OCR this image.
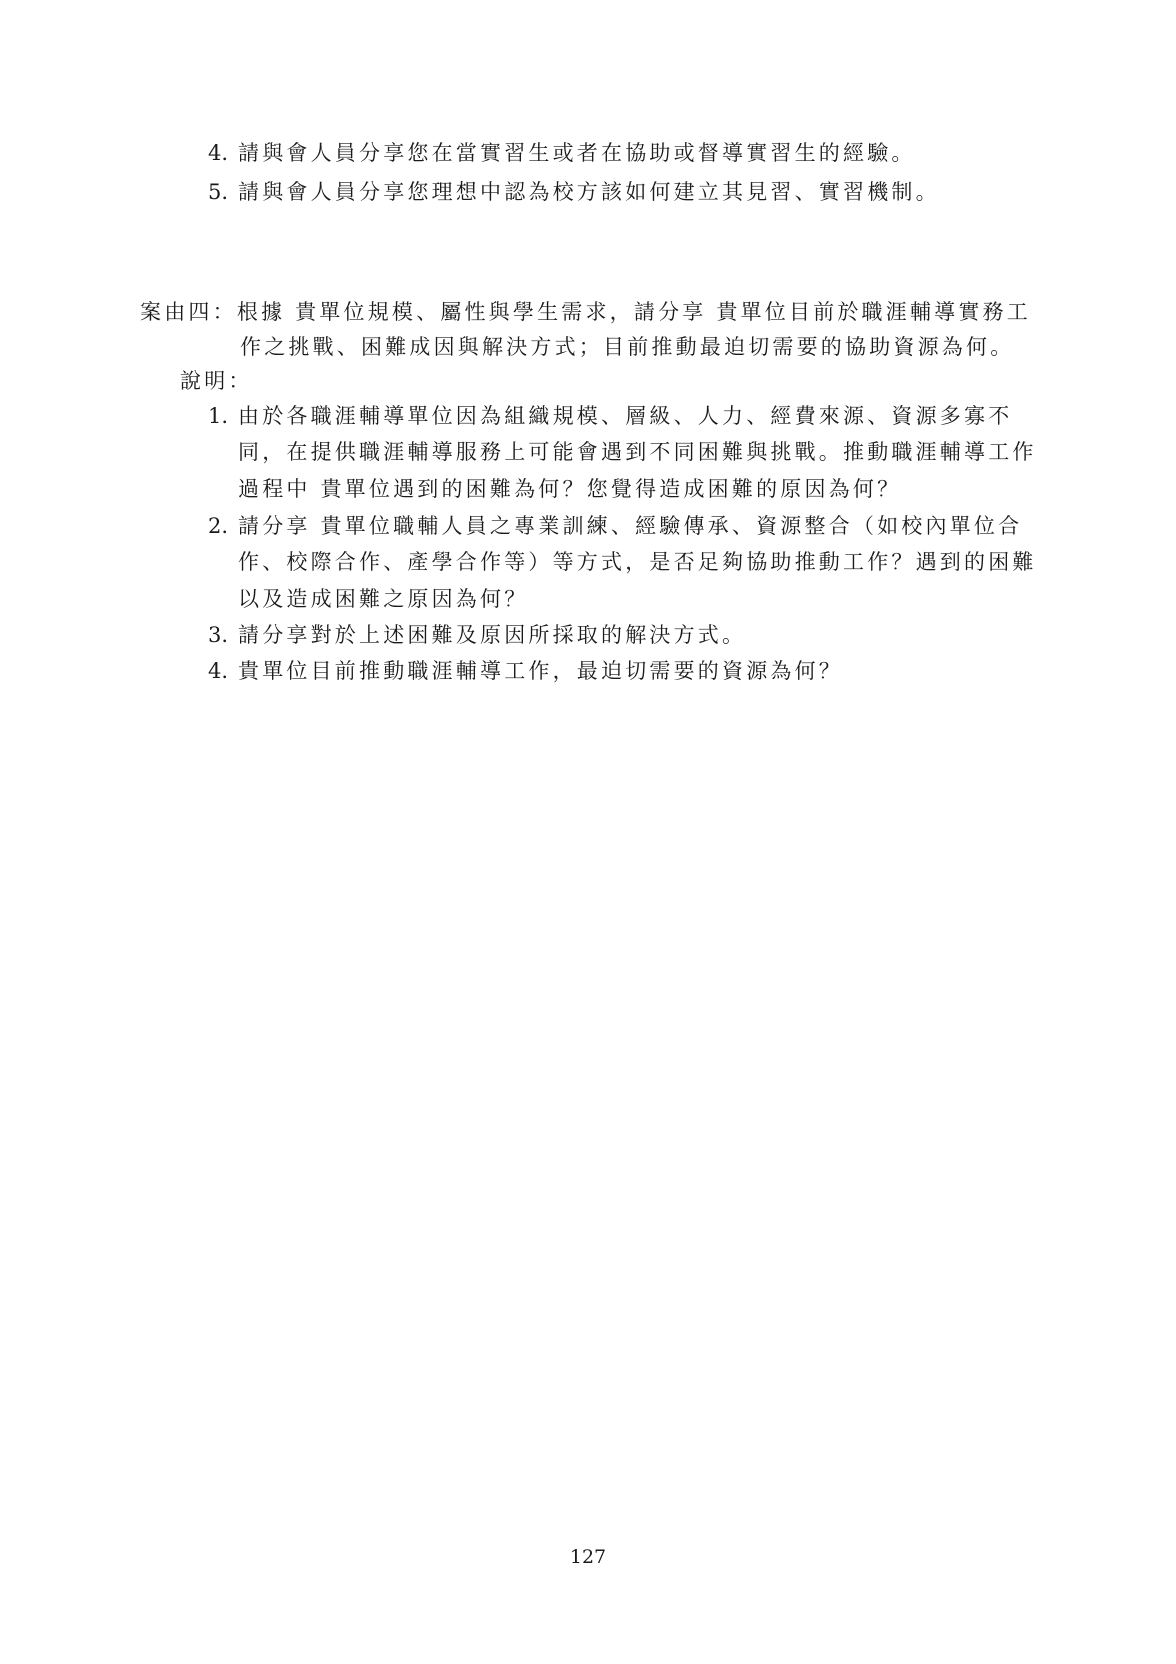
4. 請與會人員分享您在當實習生或者在協助或督導實習生的經驗。
5. 請與會人員分享您理想中認為校方該如何建立其見習、實習機制。
案由四：根據 貴單位規模、屬性與學生需求，請分享 貴單位目前於職涯輔導實務工
作之挑戰、困難成因與解決方式；目前推動最迫切需要的協助資源為何。
說明：
1. 由於各職涯輔導單位因為組織規模、層級、人力、經費來源、資源多寡不
同，在提供職涯輔導服務上可能會遇到不同困難與挑戰。推動職涯輔導工作
過程中 貴單位遇到的困難為何？您覺得造成困難的原因為何？
2. 請分享 貴單位職輔人員之專業訓練、經驗傳承、資源整合（如校內單位合
作、校際合作、產學合作等）等方式，是否足夠協助推動工作？遇到的困難
以及造成困難之原因為何？
3. 請分享對於上述困難及原因所採取的解決方式。
4. 貴單位目前推動職涯輔導工作，最迫切需要的資源為何？
127
